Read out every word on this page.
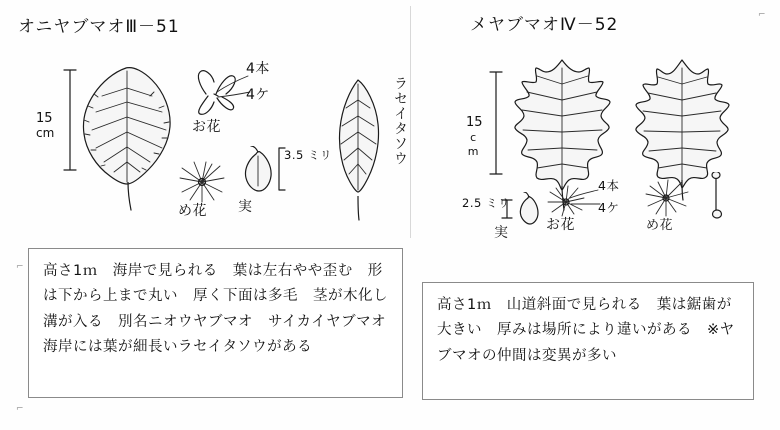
オニヤブマオⅢ－51
15
cm
4本
4ケ
お花
め花 実
3.5 ミリ	ラセイタソウ

高さ1ｍ　海岸で見られる　葉は左右やや歪む　形は下から上まで丸い　厚く下面は多毛　茎が木化し溝が入る　別名ニオウヤブマオ　サイカイヤブマオ　海岸には葉が細長いラセイタソウがある

メヤブマオⅣ－52
15
cm
2.5 ミリ
実
4本
4ケ
お花	め花

高さ1ｍ　山道斜面で見られる　葉は鋸歯が大きい　厚みは場所により違いがある　※ヤブマオの仲間は変異が多い

⌐
⌐
⌐
